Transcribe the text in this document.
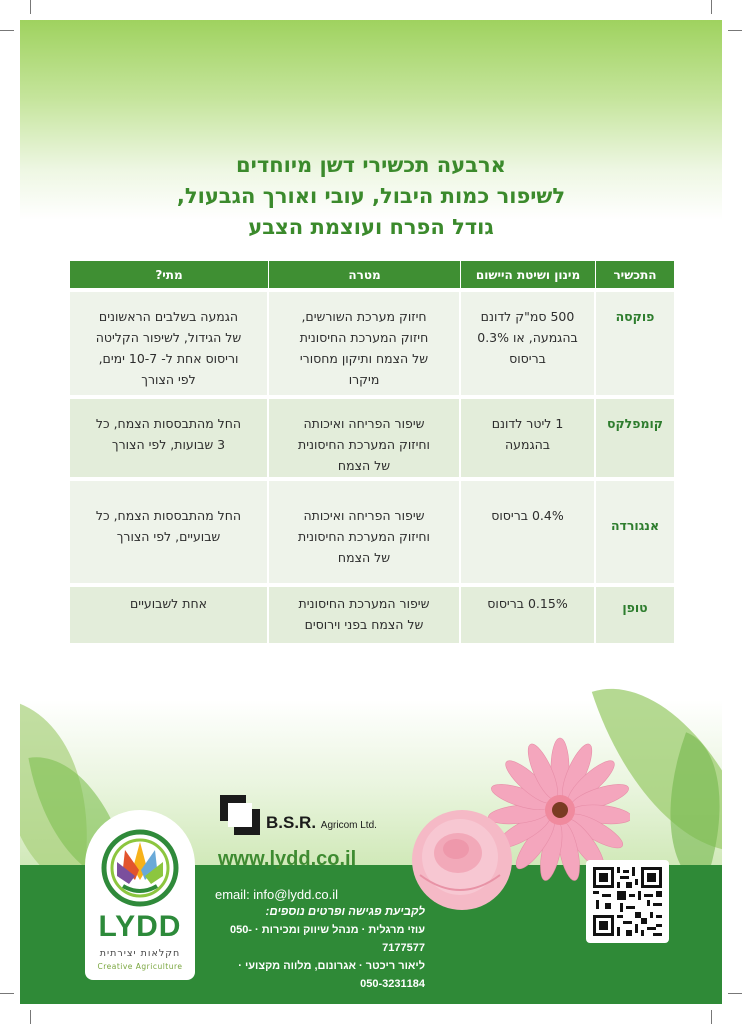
ארבעה תכשירי דשן מיוחדים
לשיפור כמות היבול, עובי ואורך הגבעול,
גודל הפרח ועוצמת הצבע
התכשיר
מינון ושיטת היישום
מטרה
מתי?
פוקסה
500 סמ"ק לדונם
בהגמעה, או 0.3%
בריסוס
חיזוק מערכת השורשים,
חיזוק המערכת החיסונית
של הצמח ותיקון מחסורי
מיקרו
הגמעה בשלבים הראשונים
של הגידול, לשיפור הקליטה
וריסוס אחת ל- 10-7 ימים,
לפי הצורך
קומפלקס
1 ליטר לדונם
בהגמעה
שיפור הפריחה ואיכותה
וחיזוק המערכת החיסונית
של הצמח
החל מהתבססות הצמח, כל
3 שבועות, לפי הצורך
אנגורדה
0.4% בריסוס
שיפור הפריחה ואיכותה
וחיזוק המערכת החיסונית
של הצמח
החל מהתבססות הצמח, כל
שבועיים, לפי הצורך
טופן
0.15% בריסוס
שיפור המערכת החיסונית
של הצמח בפני וירוסים
אחת לשבועיים
B.S.R. Agricom Ltd.
www.lydd.co.il
email: info@lydd.co.il
לקביעת פגישה ופרטים נוספים:
עוזי מרגלית · מנהל שיווק ומכירות · 050-7177577
ליאור ריכטר · אגרונום, מלווה מקצועי · 050-3231184
LYDD
חקלאות יצירתית
Creative Agriculture
